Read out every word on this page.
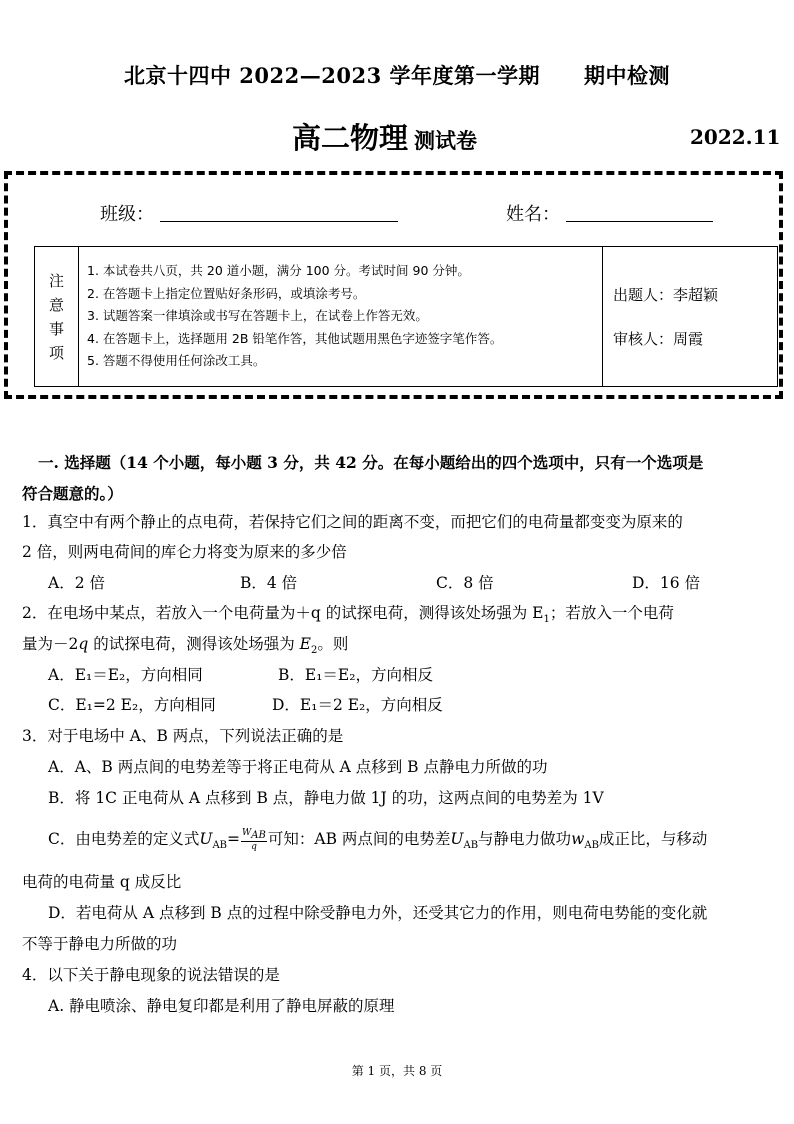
北京十四中 2022—2023 学年度第一学期 期中检测
高二物理 测试卷	2022.11
班级：	姓名：
注
意
事
项

1. 本试卷共八页，共 20 道小题，满分 100 分。考试时间 90 分钟。
2. 在答题卡上指定位置贴好条形码，或填涂考号。
3. 试题答案一律填涂或书写在答题卡上，在试卷上作答无效。
4. 在答题卡上，选择题用 2B 铅笔作答，其他试题用黑色字迹签字笔作答。
5. 答题不得使用任何涂改工具。

出题人：李超颖
审核人：周霞
一. 选择题（14 个小题，每小题 3 分，共 42 分。在每小题给出的四个选项中，只有一个选项是
符合题意的。）
1．真空中有两个静止的点电荷，若保持它们之间的距离不变，而把它们的电荷量都变变为原来的
2 倍，则两电荷间的库仑力将变为原来的多少倍
A．2 倍	B．4 倍	C．8 倍	D．16 倍
2．在电场中某点，若放入一个电荷量为＋q 的试探电荷，测得该处场强为 $E_1$；若放入一个电荷
量为－2q 的试探电荷，测得该处场强为 $E_2$。则
A．E₁＝E₂，方向相同	B．E₁＝E₂，方向相反
C．E₁=2 E₂，方向相同	D．E₁＝2 E₂，方向相反
3．对于电场中 A、B 两点，下列说法正确的是
A．A、B 两点间的电势差等于将正电荷从 A 点移到 B 点静电力所做的功
B．将 1C 正电荷从 A 点移到 B 点，静电力做 1J 的功，这两点间的电势差为 1V
C．由电势差的定义式$U_{AB}= \frac{W_{AB}}{q}$ 可知：AB 两点间的电势差$U_{AB}$与静电力做功$w_{AB}$成正比，与移动
电荷的电荷量 q 成反比
D．若电荷从 A 点移到 B 点的过程中除受静电力外，还受其它力的作用，则电荷电势能的变化就
不等于静电力所做的功
4．以下关于静电现象的说法错误的是
A. 静电喷涂、静电复印都是利用了静电屏蔽的原理
第 1 页，共 8 页
